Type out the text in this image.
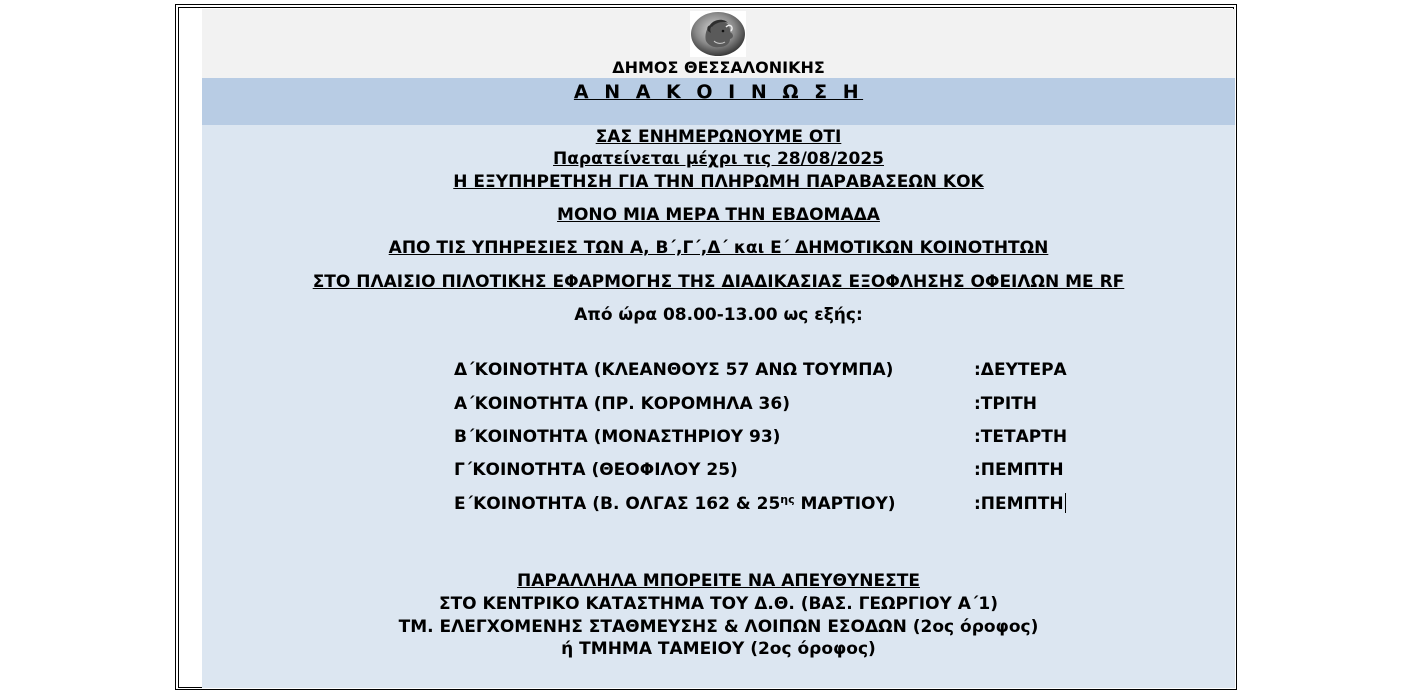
ΔΗΜΟΣ ΘΕΣΣΑΛΟΝΙΚΗΣ
Α Ν Α Κ Ο Ι Ν Ω Σ Η
ΣΑΣ ΕΝΗΜΕΡΩΝΟΥΜΕ ΟΤΙ
Παρατείνεται μέχρι τις 28/08/2025
Η ΕΞΥΠΗΡΕΤΗΣΗ ΓΙΑ ΤΗΝ ΠΛΗΡΩΜΗ ΠΑΡΑΒΑΣΕΩΝ ΚΟΚ
ΜΟΝΟ ΜΙΑ ΜΕΡΑ ΤΗΝ ΕΒΔΟΜΑΔΑ
ΑΠΟ ΤΙΣ ΥΠΗΡΕΣΙΕΣ ΤΩΝ Α, Β΄,Γ΄,Δ΄ και Ε΄ ΔΗΜΟΤΙΚΩΝ ΚΟΙΝΟΤΗΤΩΝ
ΣΤΟ ΠΛΑΙΣΙΟ ΠΙΛΟΤΙΚΗΣ ΕΦΑΡΜΟΓΗΣ ΤΗΣ ΔΙΑΔΙΚΑΣΙΑΣ ΕΞΟΦΛΗΣΗΣ ΟΦΕΙΛΩΝ ΜΕ RF
Από ώρα 08.00-13.00 ως εξής:
Δ΄ΚΟΙΝΟΤΗΤΑ (ΚΛΕΑΝΘΟΥΣ 57 ΑΝΩ ΤΟΥΜΠΑ)	:ΔΕΥΤΕΡΑ
Α΄ΚΟΙΝΟΤΗΤΑ (ΠΡ. ΚΟΡΟΜΗΛΑ 36)	:ΤΡΙΤΗ
Β΄ΚΟΙΝΟΤΗΤΑ (ΜΟΝΑΣΤΗΡΙΟΥ 93)	:ΤΕΤΑΡΤΗ
Γ΄ΚΟΙΝΟΤΗΤΑ (ΘΕΟΦΙΛΟΥ 25)	:ΠΕΜΠΤΗ
Ε΄ΚΟΙΝΟΤΗΤΑ (Β. ΟΛΓΑΣ 162 & $25^{\eta\varsigma}$ ΜΑΡΤΙΟΥ)	:ΠΕΜΠΤΗ
ΠΑΡΑΛΛΗΛΑ ΜΠΟΡΕΙΤΕ ΝΑ ΑΠΕΥΘΥΝΕΣΤΕ
ΣΤΟ ΚΕΝΤΡΙΚΟ ΚΑΤΑΣΤΗΜΑ ΤΟΥ Δ.Θ. (ΒΑΣ. ΓΕΩΡΓΙΟΥ Α΄1)
ΤΜ. ΕΛΕΓΧΟΜΕΝΗΣ ΣΤΑΘΜΕΥΣΗΣ & ΛΟΙΠΩΝ ΕΣΟΔΩΝ (2ος όροφος)
ή ΤΜΗΜΑ ΤΑΜΕΙΟΥ (2ος όροφος)
